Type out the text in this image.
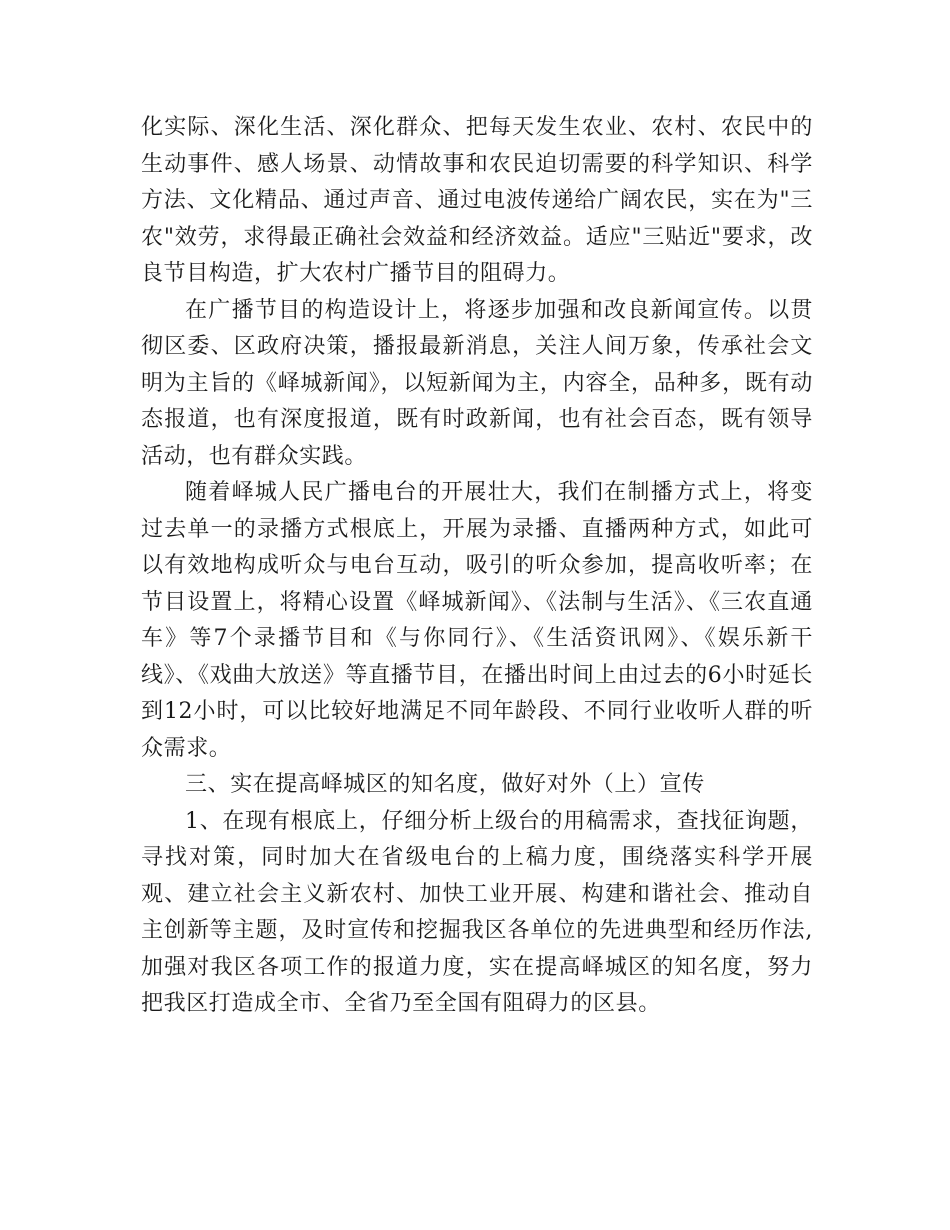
化实际、深化生活、深化群众、把每天发生农业、农村、农民中的生动事件、感人场景、动情故事和农民迫切需要的科学知识、科学方法、文化精品、通过声音、通过电波传递给广阔农民，实在为"三农"效劳，求得最正确社会效益和经济效益。适应"三贴近"要求，改良节目构造，扩大农村广播节目的阻碍力。

在广播节目的构造设计上，将逐步加强和改良新闻宣传。以贯彻区委、区政府决策，播报最新消息，关注人间万象，传承社会文明为主旨的《峄城新闻》，以短新闻为主，内容全，品种多，既有动态报道，也有深度报道，既有时政新闻，也有社会百态，既有领导活动，也有群众实践。

随着峄城人民广播电台的开展壮大，我们在制播方式上，将变过去单一的录播方式根底上，开展为录播、直播两种方式，如此可以有效地构成听众与电台互动，吸引的听众参加，提高收听率；在节目设置上，将精心设置《峄城新闻》、《法制与生活》、《三农直通车》等7个录播节目和《与你同行》、《生活资讯网》、《娱乐新干线》、《戏曲大放送》等直播节目，在播出时间上由过去的6小时延长到12小时，可以比较好地满足不同年龄段、不同行业收听人群的听众需求。

三、实在提高峄城区的知名度，做好对外（上）宣传

1、在现有根底上，仔细分析上级台的用稿需求，查找征询题，寻找对策，同时加大在省级电台的上稿力度，围绕落实科学开展观、建立社会主义新农村、加快工业开展、构建和谐社会、推动自主创新等主题，及时宣传和挖掘我区各单位的先进典型和经历作法,加强对我区各项工作的报道力度，实在提高峄城区的知名度，努力把我区打造成全市、全省乃至全国有阻碍力的区县。
